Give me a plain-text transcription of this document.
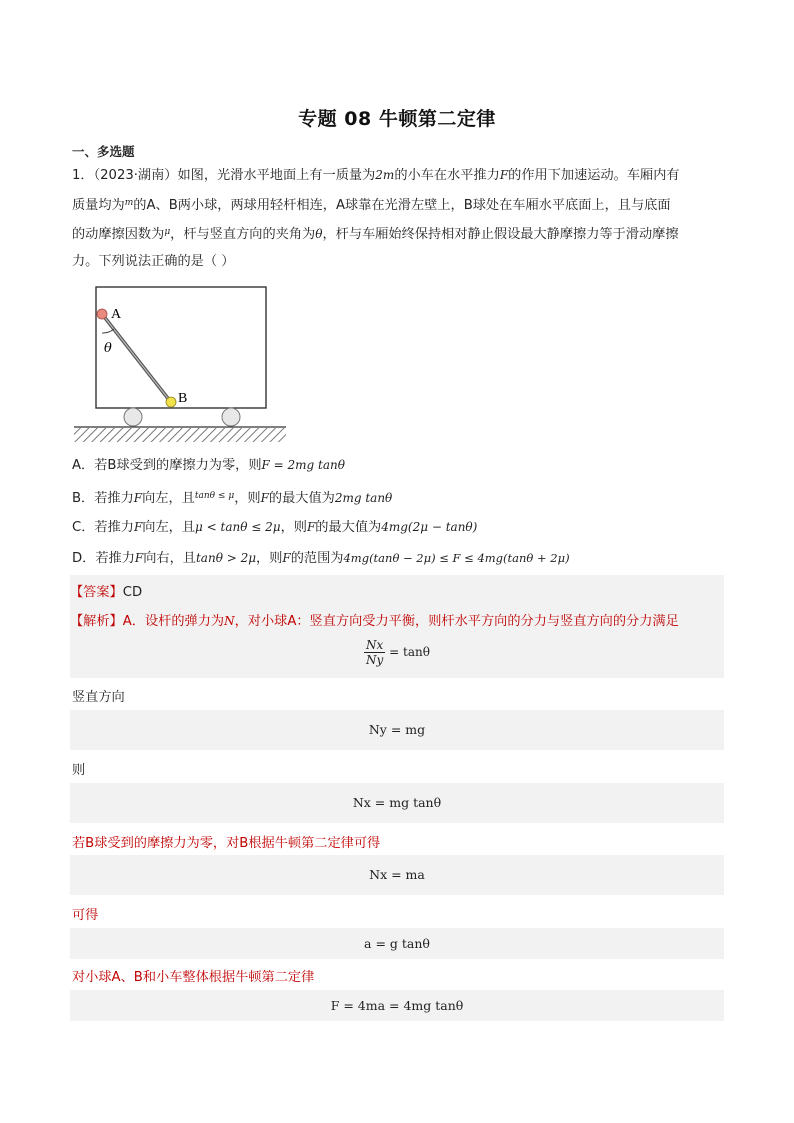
专题 08 牛顿第二定律
一、多选题
1．（2023·湖南）如图，光滑水平地面上有一质量为2m的小车在水平推力F的作用下加速运动。车厢内有
质量均为$^m$的A、B两小球，两球用轻杆相连，A球靠在光滑左壁上，B球处在车厢水平底面上，且与底面
的动摩擦因数为$^\mu$，杆与竖直方向的夹角为θ，杆与车厢始终保持相对静止假设最大静摩擦力等于滑动摩擦
力。下列说法正确的是（ ）
A
B
θ
A．若B球受到的摩擦力为零，则F = 2mg tanθ
B．若推力F向左，且$^{tan\theta \le \mu}$，则F的最大值为2mg tanθ
C．若推力F向左，且μ < tanθ ≤ 2μ，则F的最大值为4mg(2μ − tanθ)
D．若推力F向右，且tanθ > 2μ，则F的范围为4mg(tanθ − 2μ) ≤ F ≤ 4mg(tanθ + 2μ)
【答案】CD
【解析】A．设杆的弹力为N，对小球A：竖直方向受力平衡，则杆水平方向的分力与竖直方向的分力满足
$\frac{Nx}{Ny} = \tan\theta$
竖直方向
Ny = mg
则
Nx = mg tanθ
若B球受到的摩擦力为零，对B根据牛顿第二定律可得
Nx = ma
可得
a = g tanθ
对小球A、B和小车整体根据牛顿第二定律
F = 4ma = 4mg tanθ
